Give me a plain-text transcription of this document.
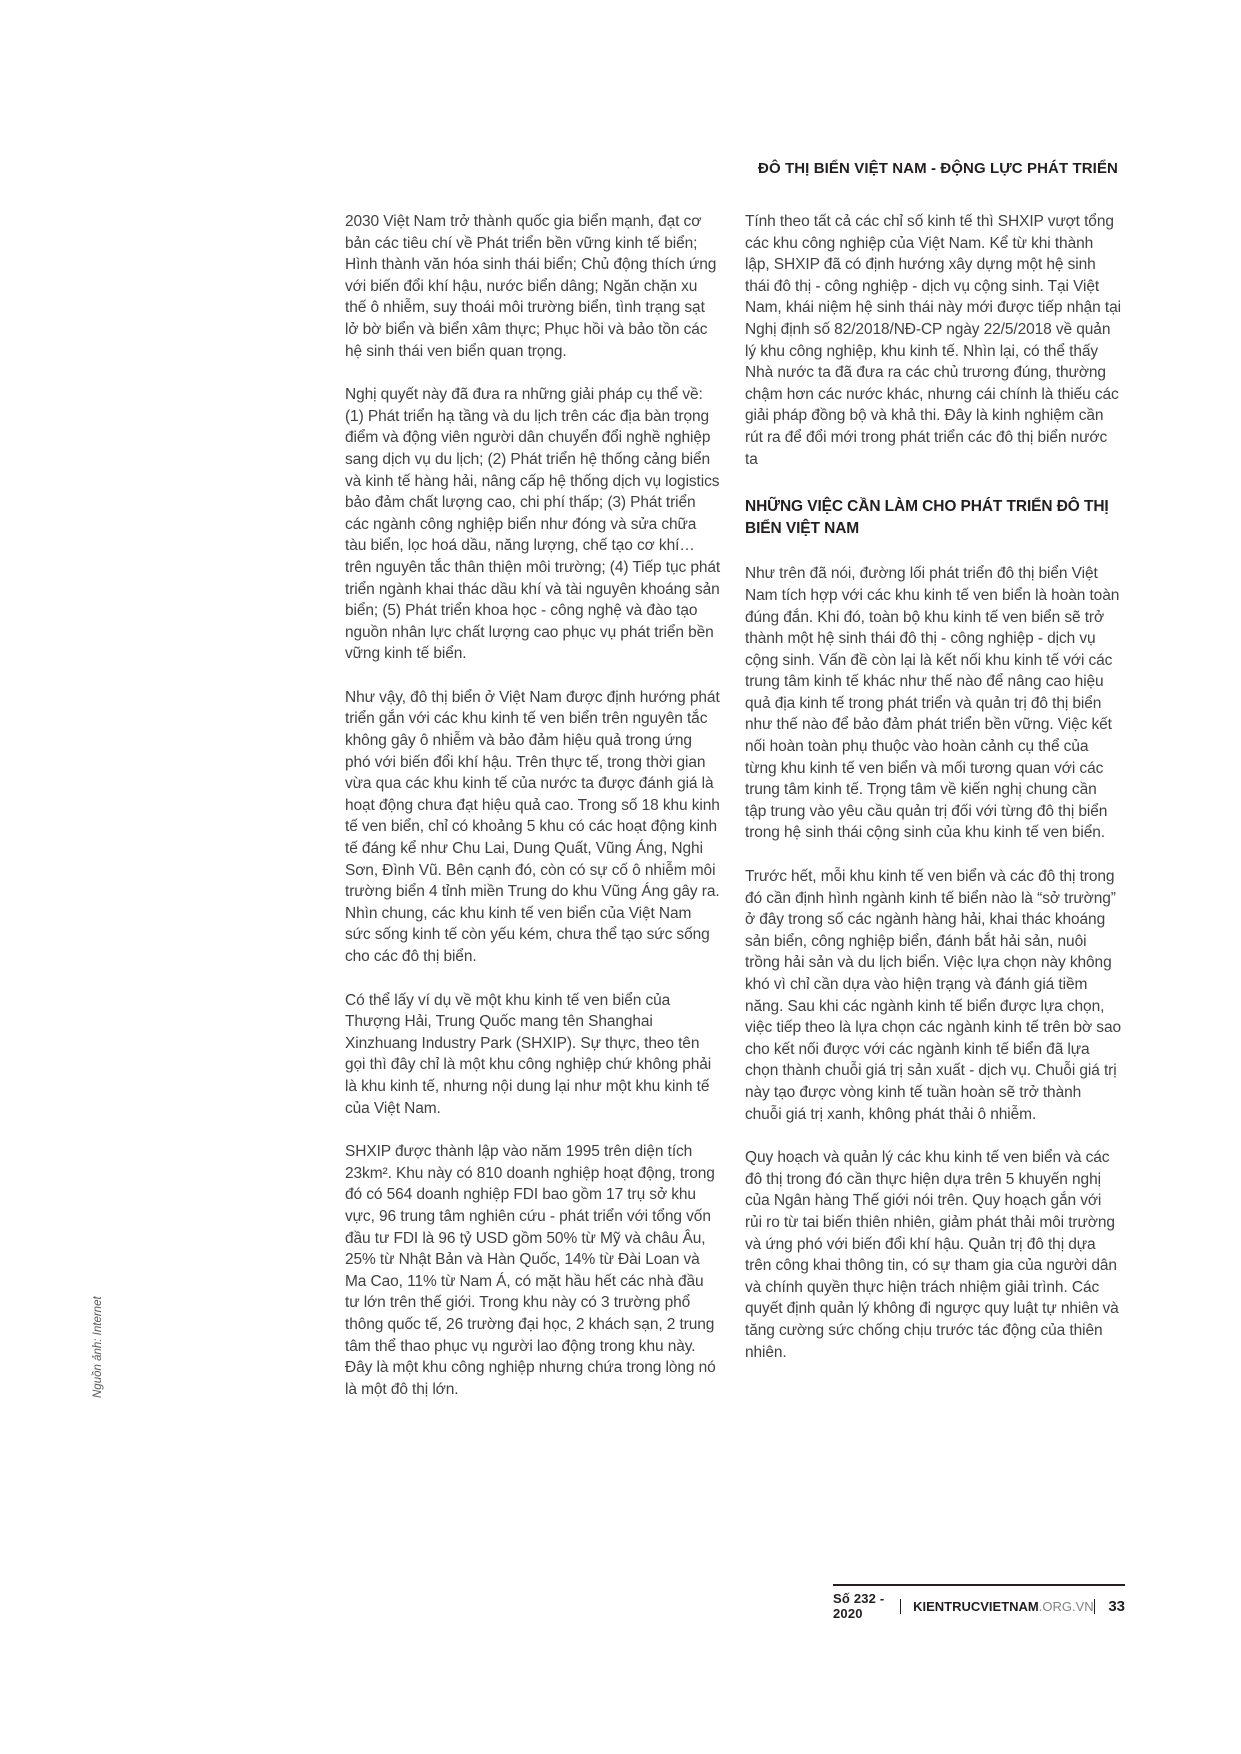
ĐÔ THỊ BIỂN VIỆT NAM - ĐỘNG LỰC PHÁT TRIỂN
Nguồn ảnh: Internet

2030 Việt Nam trở thành quốc gia biển mạnh, đạt cơ bản các tiêu chí về Phát triển bền vững kinh tế biển; Hình thành văn hóa sinh thái biển; Chủ động thích ứng với biến đổi khí hậu, nước biển dâng; Ngăn chặn xu thế ô nhiễm, suy thoái môi trường biển, tình trạng sạt lở bờ biển và biển xâm thực; Phục hồi và bảo tồn các hệ sinh thái ven biển quan trọng.

Nghị quyết này đã đưa ra những giải pháp cụ thể về: (1) Phát triển hạ tầng và du lịch trên các địa bàn trọng điểm và động viên người dân chuyển đổi nghề nghiệp sang dịch vụ du lịch; (2) Phát triển hệ thống cảng biển và kinh tế hàng hải, nâng cấp hệ thống dịch vụ logistics bảo đảm chất lượng cao, chi phí thấp; (3) Phát triển các ngành công nghiệp biển như đóng và sửa chữa tàu biển, lọc hoá dầu, năng lượng, chế tạo cơ khí… trên nguyên tắc thân thiện môi trường; (4) Tiếp tục phát triển ngành khai thác dầu khí và tài nguyên khoáng sản biển; (5) Phát triển khoa học - công nghệ và đào tạo nguồn nhân lực chất lượng cao phục vụ phát triển bền vững kinh tế biển.

Như vậy, đô thị biển ở Việt Nam được định hướng phát triển gắn với các khu kinh tế ven biển trên nguyên tắc không gây ô nhiễm và bảo đảm hiệu quả trong ứng phó với biến đổi khí hậu. Trên thực tế, trong thời gian vừa qua các khu kinh tế của nước ta được đánh giá là hoạt động chưa đạt hiệu quả cao. Trong số 18 khu kinh tế ven biển, chỉ có khoảng 5 khu có các hoạt động kinh tế đáng kể như Chu Lai, Dung Quất, Vũng Áng, Nghi Sơn, Đình Vũ. Bên cạnh đó, còn có sự cố ô nhiễm môi trường biển 4 tỉnh miền Trung do khu Vũng Áng gây ra. Nhìn chung, các khu kinh tế ven biển của Việt Nam sức sống kinh tế còn yếu kém, chưa thể tạo sức sống cho các đô thị biển.

Có thể lấy ví dụ về một khu kinh tế ven biển của Thượng Hải, Trung Quốc mang tên Shanghai Xinzhuang Industry Park (SHXIP). Sự thực, theo tên gọi thì đây chỉ là một khu công nghiệp chứ không phải là khu kinh tế, nhưng nội dung lại như một khu kinh tế của Việt Nam.

SHXIP được thành lập vào năm 1995 trên diện tích 23km². Khu này có 810 doanh nghiệp hoạt động, trong đó có 564 doanh nghiệp FDI bao gồm 17 trụ sở khu vực, 96 trung tâm nghiên cứu - phát triển với tổng vốn đầu tư FDI là 96 tỷ USD gồm 50% từ Mỹ và châu Âu, 25% từ Nhật Bản và Hàn Quốc, 14% từ Đài Loan và Ma Cao, 11% từ Nam Á, có mặt hầu hết các nhà đầu tư lớn trên thế giới. Trong khu này có 3 trường phổ thông quốc tế, 26 trường đại học, 2 khách sạn, 2 trung tâm thể thao phục vụ người lao động trong khu này. Đây là một khu công nghiệp nhưng chứa trong lòng nó là một đô thị lớn.

Tính theo tất cả các chỉ số kinh tế thì SHXIP vượt tổng các khu công nghiệp của Việt Nam. Kể từ khi thành lập, SHXIP đã có định hướng xây dựng một hệ sinh thái đô thị - công nghiệp - dịch vụ cộng sinh. Tại Việt Nam, khái niệm hệ sinh thái này mới được tiếp nhận tại Nghị định số 82/2018/NĐ-CP ngày 22/5/2018 về quản lý khu công nghiệp, khu kinh tế. Nhìn lại, có thể thấy Nhà nước ta đã đưa ra các chủ trương đúng, thường chậm hơn các nước khác, nhưng cái chính là thiếu các giải pháp đồng bộ và khả thi. Đây là kinh nghiệm cần rút ra để đổi mới trong phát triển các đô thị biển nước ta

NHỮNG VIỆC CẦN LÀM CHO PHÁT TRIỂN ĐÔ THỊ BIỂN VIỆT NAM

Như trên đã nói, đường lối phát triển đô thị biển Việt Nam tích hợp với các khu kinh tế ven biển là hoàn toàn đúng đắn. Khi đó, toàn bộ khu kinh tế ven biển sẽ trở thành một hệ sinh thái đô thị - công nghiệp - dịch vụ cộng sinh. Vấn đề còn lại là kết nối khu kinh tế với các trung tâm kinh tế khác như thế nào để nâng cao hiệu quả địa kinh tế trong phát triển và quản trị đô thị biển như thế nào để bảo đảm phát triển bền vững. Việc kết nối hoàn toàn phụ thuộc vào hoàn cảnh cụ thể của từng khu kinh tế ven biển và mối tương quan với các trung tâm kinh tế. Trọng tâm về kiến nghị chung cần tập trung vào yêu cầu quản trị đối với từng đô thị biển trong hệ sinh thái cộng sinh của khu kinh tế ven biển.

Trước hết, mỗi khu kinh tế ven biển và các đô thị trong đó cần định hình ngành kinh tế biển nào là “sở trường” ở đây trong số các ngành hàng hải, khai thác khoáng sản biển, công nghiệp biển, đánh bắt hải sản, nuôi trồng hải sản và du lịch biển. Việc lựa chọn này không khó vì chỉ cần dựa vào hiện trạng và đánh giá tiềm năng. Sau khi các ngành kinh tế biển được lựa chọn, việc tiếp theo là lựa chọn các ngành kinh tế trên bờ sao cho kết nối được với các ngành kinh tế biển đã lựa chọn thành chuỗi giá trị sản xuất - dịch vụ. Chuỗi giá trị này tạo được vòng kinh tế tuần hoàn sẽ trở thành chuỗi giá trị xanh, không phát thải ô nhiễm.

Quy hoạch và quản lý các khu kinh tế ven biển và các đô thị trong đó cần thực hiện dựa trên 5 khuyến nghị của Ngân hàng Thế giới nói trên. Quy hoạch gắn với rủi ro từ tai biến thiên nhiên, giảm phát thải môi trường và ứng phó với biến đổi khí hậu. Quản trị đô thị dựa trên công khai thông tin, có sự tham gia của người dân và chính quyền thực hiện trách nhiệm giải trình. Các quyết định quản lý không đi ngược quy luật tự nhiên và tăng cường sức chống chịu trước tác động của thiên nhiên.

Số 232 - 2020	KIENTRUCVIETNAM.ORG.VN 33
